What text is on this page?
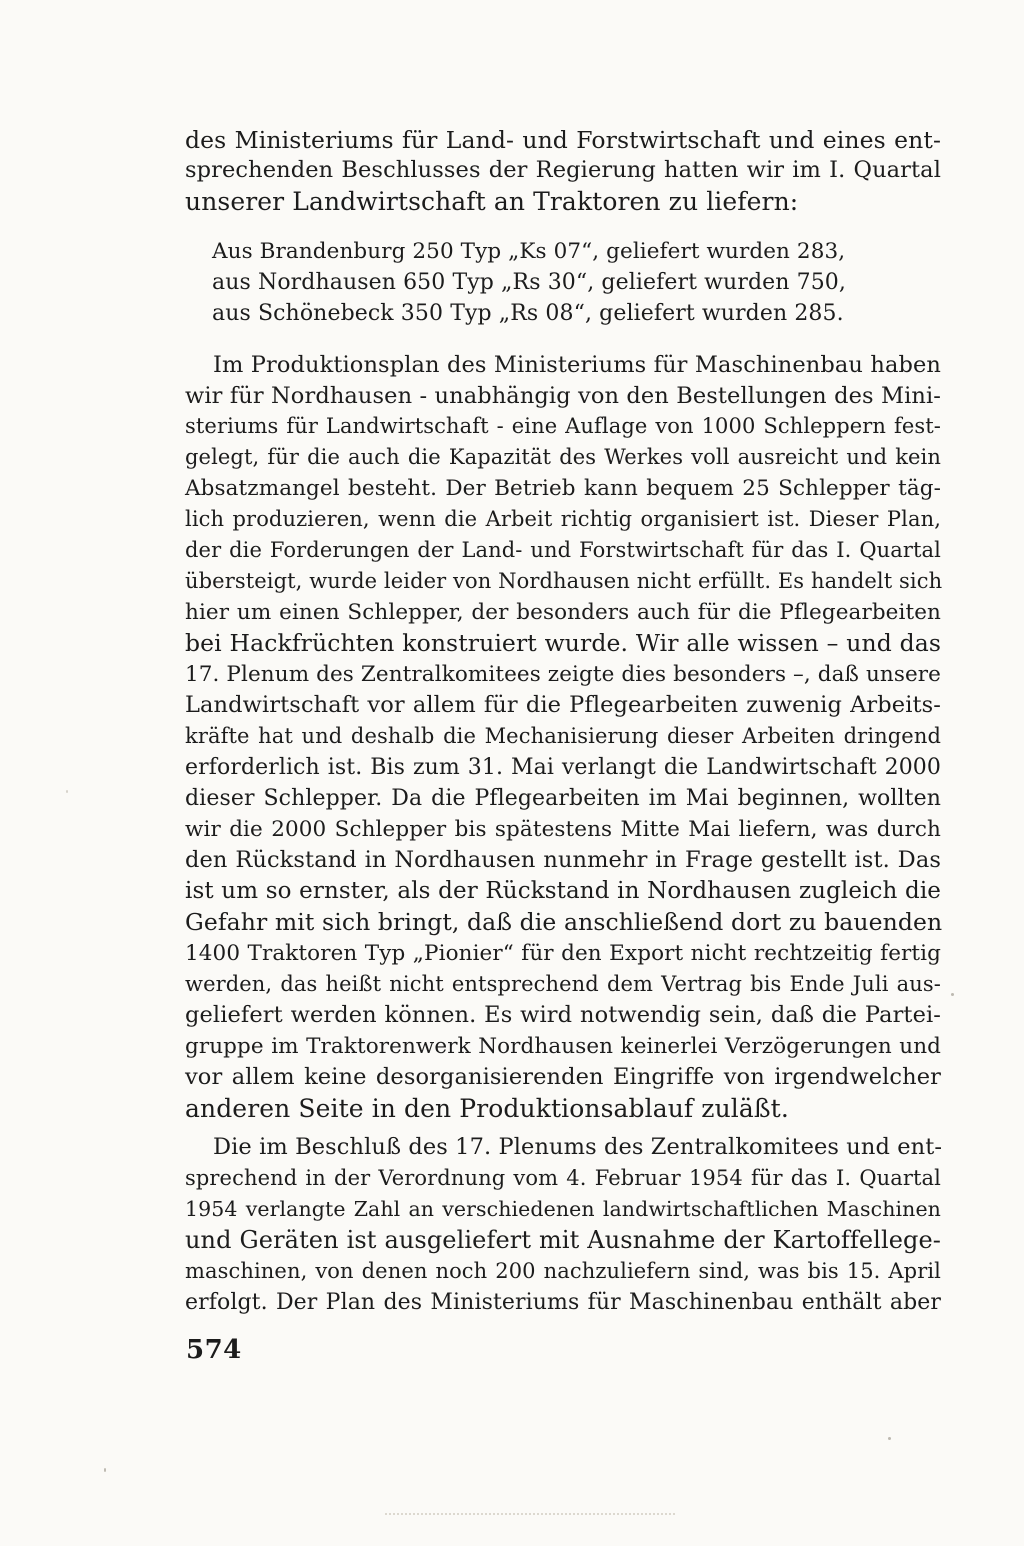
des Ministeriums für Land- und Forstwirtschaft und eines ent-
sprechenden Beschlusses der Regierung hatten wir im I. Quartal
unserer Landwirtschaft an Traktoren zu liefern:
Aus Brandenburg 250 Typ „Ks 07“, geliefert wurden 283,
aus Nordhausen 650 Typ „Rs 30“, geliefert wurden 750,
aus Schönebeck 350 Typ „Rs 08“, geliefert wurden 285.
Im Produktionsplan des Ministeriums für Maschinenbau haben
wir für Nordhausen - unabhängig von den Bestellungen des Mini-
steriums für Landwirtschaft - eine Auflage von 1000 Schleppern fest-
gelegt, für die auch die Kapazität des Werkes voll ausreicht und kein
Absatzmangel besteht. Der Betrieb kann bequem 25 Schlepper täg-
lich produzieren, wenn die Arbeit richtig organisiert ist. Dieser Plan,
der die Forderungen der Land- und Forstwirtschaft für das I. Quartal
übersteigt, wurde leider von Nordhausen nicht erfüllt. Es handelt sich
hier um einen Schlepper, der besonders auch für die Pflegearbeiten
bei Hackfrüchten konstruiert wurde. Wir alle wissen – und das
17. Plenum des Zentralkomitees zeigte dies besonders –, daß unsere
Landwirtschaft vor allem für die Pflegearbeiten zuwenig Arbeits-
kräfte hat und deshalb die Mechanisierung dieser Arbeiten dringend
erforderlich ist. Bis zum 31. Mai verlangt die Landwirtschaft 2000
dieser Schlepper. Da die Pflegearbeiten im Mai beginnen, wollten
wir die 2000 Schlepper bis spätestens Mitte Mai liefern, was durch
den Rückstand in Nordhausen nunmehr in Frage gestellt ist. Das
ist um so ernster, als der Rückstand in Nordhausen zugleich die
Gefahr mit sich bringt, daß die anschließend dort zu bauenden
1400 Traktoren Typ „Pionier“ für den Export nicht rechtzeitig fertig
werden, das heißt nicht entsprechend dem Vertrag bis Ende Juli aus-
geliefert werden können. Es wird notwendig sein, daß die Partei-
gruppe im Traktorenwerk Nordhausen keinerlei Verzögerungen und
vor allem keine desorganisierenden Eingriffe von irgendwelcher
anderen Seite in den Produktionsablauf zuläßt.
Die im Beschluß des 17. Plenums des Zentralkomitees und ent-
sprechend in der Verordnung vom 4. Februar 1954 für das I. Quartal
1954 verlangte Zahl an verschiedenen landwirtschaftlichen Maschinen
und Geräten ist ausgeliefert mit Ausnahme der Kartoffellege-
maschinen, von denen noch 200 nachzuliefern sind, was bis 15. April
erfolgt. Der Plan des Ministeriums für Maschinenbau enthält aber
574
